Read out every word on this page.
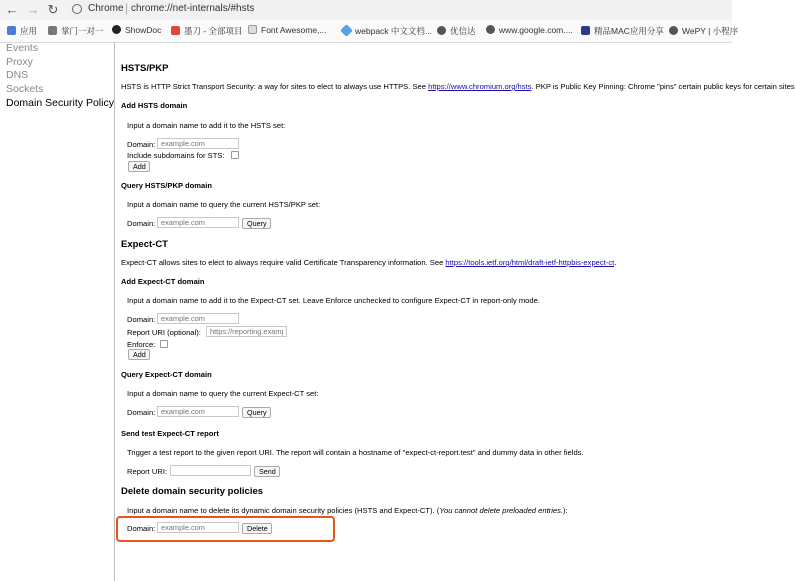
← → ↻	Chrome | chrome://net-internals/#hsts
应用	掌门一对一	ShowDoc	墨刀 - 全部项目	Font Awesome,...	webpack 中文文档...	优信达	www.google.com....	精品MAC应用分享	WePY | 小程序
Events
Proxy
DNS
Sockets
Domain Security Policy
HSTS/PKP
HSTS is HTTP Strict Transport Security: a way for sites to elect to always use HTTPS. See https://www.chromium.org/hsts. PKP is Public Key Pinning: Chrome "pins" certain public keys for certain sites
Add HSTS domain
Input a domain name to add it to the HSTS set:
Domain:
example.com
Include subdomains for STS:
Add
Query HSTS/PKP domain
Input a domain name to query the current HSTS/PKP set:
Domain:
example.com	Query
Expect-CT
Expect-CT allows sites to elect to always require valid Certificate Transparency information. See https://tools.ietf.org/html/draft-ietf-httpbis-expect-ct.
Add Expect-CT domain
Input a domain name to add it to the Expect-CT set. Leave Enforce unchecked to configure Expect-CT in report-only mode.
Domain:
example.com
Report URI (optional):
https://reporting.example.com
Enforce:
Add
Query Expect-CT domain
Input a domain name to query the current Expect-CT set:
Domain:
example.com	Query
Send test Expect-CT report
Trigger a test report to the given report URI. The report will contain a hostname of "expect-ct-report.test" and dummy data in other fields.
Report URI:	Send
Delete domain security policies
Input a domain name to delete its dynamic domain security policies (HSTS and Expect-CT). (You cannot delete preloaded entries.):
Domain:
example.com	Delete
